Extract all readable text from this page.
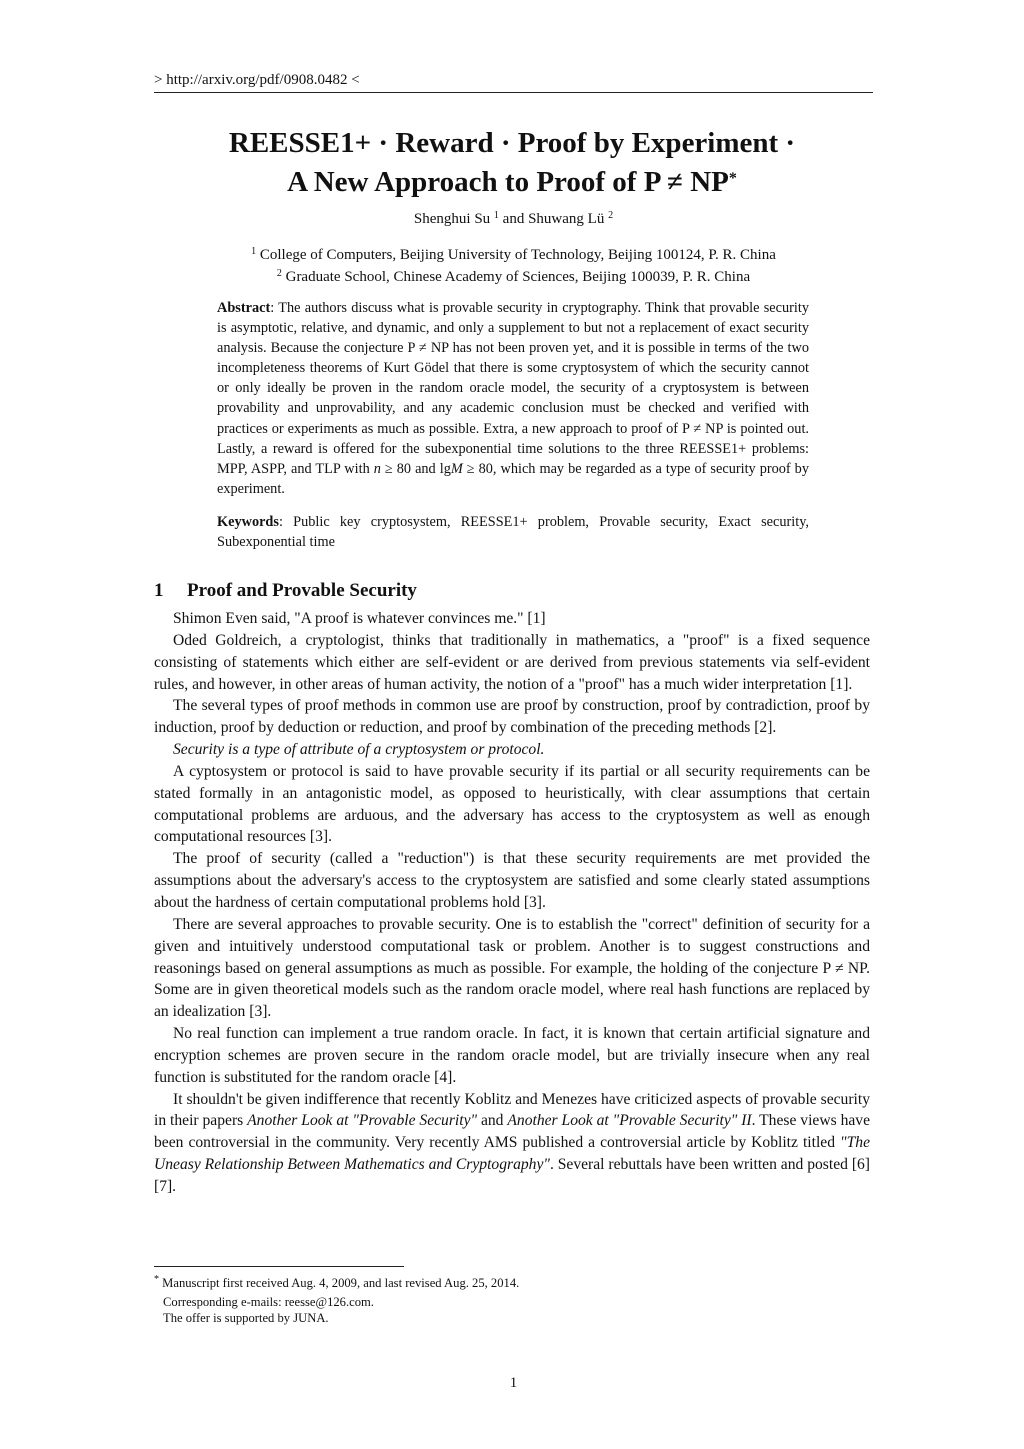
> http://arxiv.org/pdf/0908.0482 <
REESSE1+ · Reward · Proof by Experiment ·
A New Approach to Proof of P ≠ NP*
Shenghui Su $^1$ and Shuwang Lü $^2$
$^1$ College of Computers, Beijing University of Technology, Beijing 100124, P. R. China
$^2$ Graduate School, Chinese Academy of Sciences, Beijing 100039, P. R. China
Abstract: The authors discuss what is provable security in cryptography. Think that provable security is asymptotic, relative, and dynamic, and only a supplement to but not a replacement of exact security analysis. Because the conjecture P ≠ NP has not been proven yet, and it is possible in terms of the two incompleteness theorems of Kurt Gödel that there is some cryptosystem of which the security cannot or only ideally be proven in the random oracle model, the security of a cryptosystem is between provability and unprovability, and any academic conclusion must be checked and verified with practices or experiments as much as possible. Extra, a new approach to proof of P ≠ NP is pointed out. Lastly, a reward is offered for the subexponential time solutions to the three REESSE1+ problems: MPP, ASPP, and TLP with n ≥ 80 and lgM ≥ 80, which may be regarded as a type of security proof by experiment.
Keywords: Public key cryptosystem, REESSE1+ problem, Provable security, Exact security, Subexponential time
1 Proof and Provable Security

Shimon Even said, "A proof is whatever convinces me." [1]

Oded Goldreich, a cryptologist, thinks that traditionally in mathematics, a "proof" is a fixed sequence consisting of statements which either are self-evident or are derived from previous statements via self-evident rules, and however, in other areas of human activity, the notion of a "proof" has a much wider interpretation [1].

The several types of proof methods in common use are proof by construction, proof by contradiction, proof by induction, proof by deduction or reduction, and proof by combination of the preceding methods [2].

Security is a type of attribute of a cryptosystem or protocol.

A cyptosystem or protocol is said to have provable security if its partial or all security requirements can be stated formally in an antagonistic model, as opposed to heuristically, with clear assumptions that certain computational problems are arduous, and the adversary has access to the cryptosystem as well as enough computational resources [3].

The proof of security (called a "reduction") is that these security requirements are met provided the assumptions about the adversary's access to the cryptosystem are satisfied and some clearly stated assumptions about the hardness of certain computational problems hold [3].

There are several approaches to provable security. One is to establish the "correct" definition of security for a given and intuitively understood computational task or problem. Another is to suggest constructions and reasonings based on general assumptions as much as possible. For example, the holding of the conjecture P ≠ NP. Some are in given theoretical models such as the random oracle model, where real hash functions are replaced by an idealization [3].

No real function can implement a true random oracle. In fact, it is known that certain artificial signature and encryption schemes are proven secure in the random oracle model, but are trivially insecure when any real function is substituted for the random oracle [4].

It shouldn't be given indifference that recently Koblitz and Menezes have criticized aspects of provable security in their papers Another Look at "Provable Security" and Another Look at "Provable Security" II. These views have been controversial in the community. Very recently AMS published a controversial article by Koblitz titled "The Uneasy Relationship Between Mathematics and Cryptography". Several rebuttals have been written and posted [6][7].

* Manuscript first received Aug. 4, 2009, and last revised Aug. 25, 2014.
Corresponding e-mails: reesse@126.com.
The offer is supported by JUNA.
1
